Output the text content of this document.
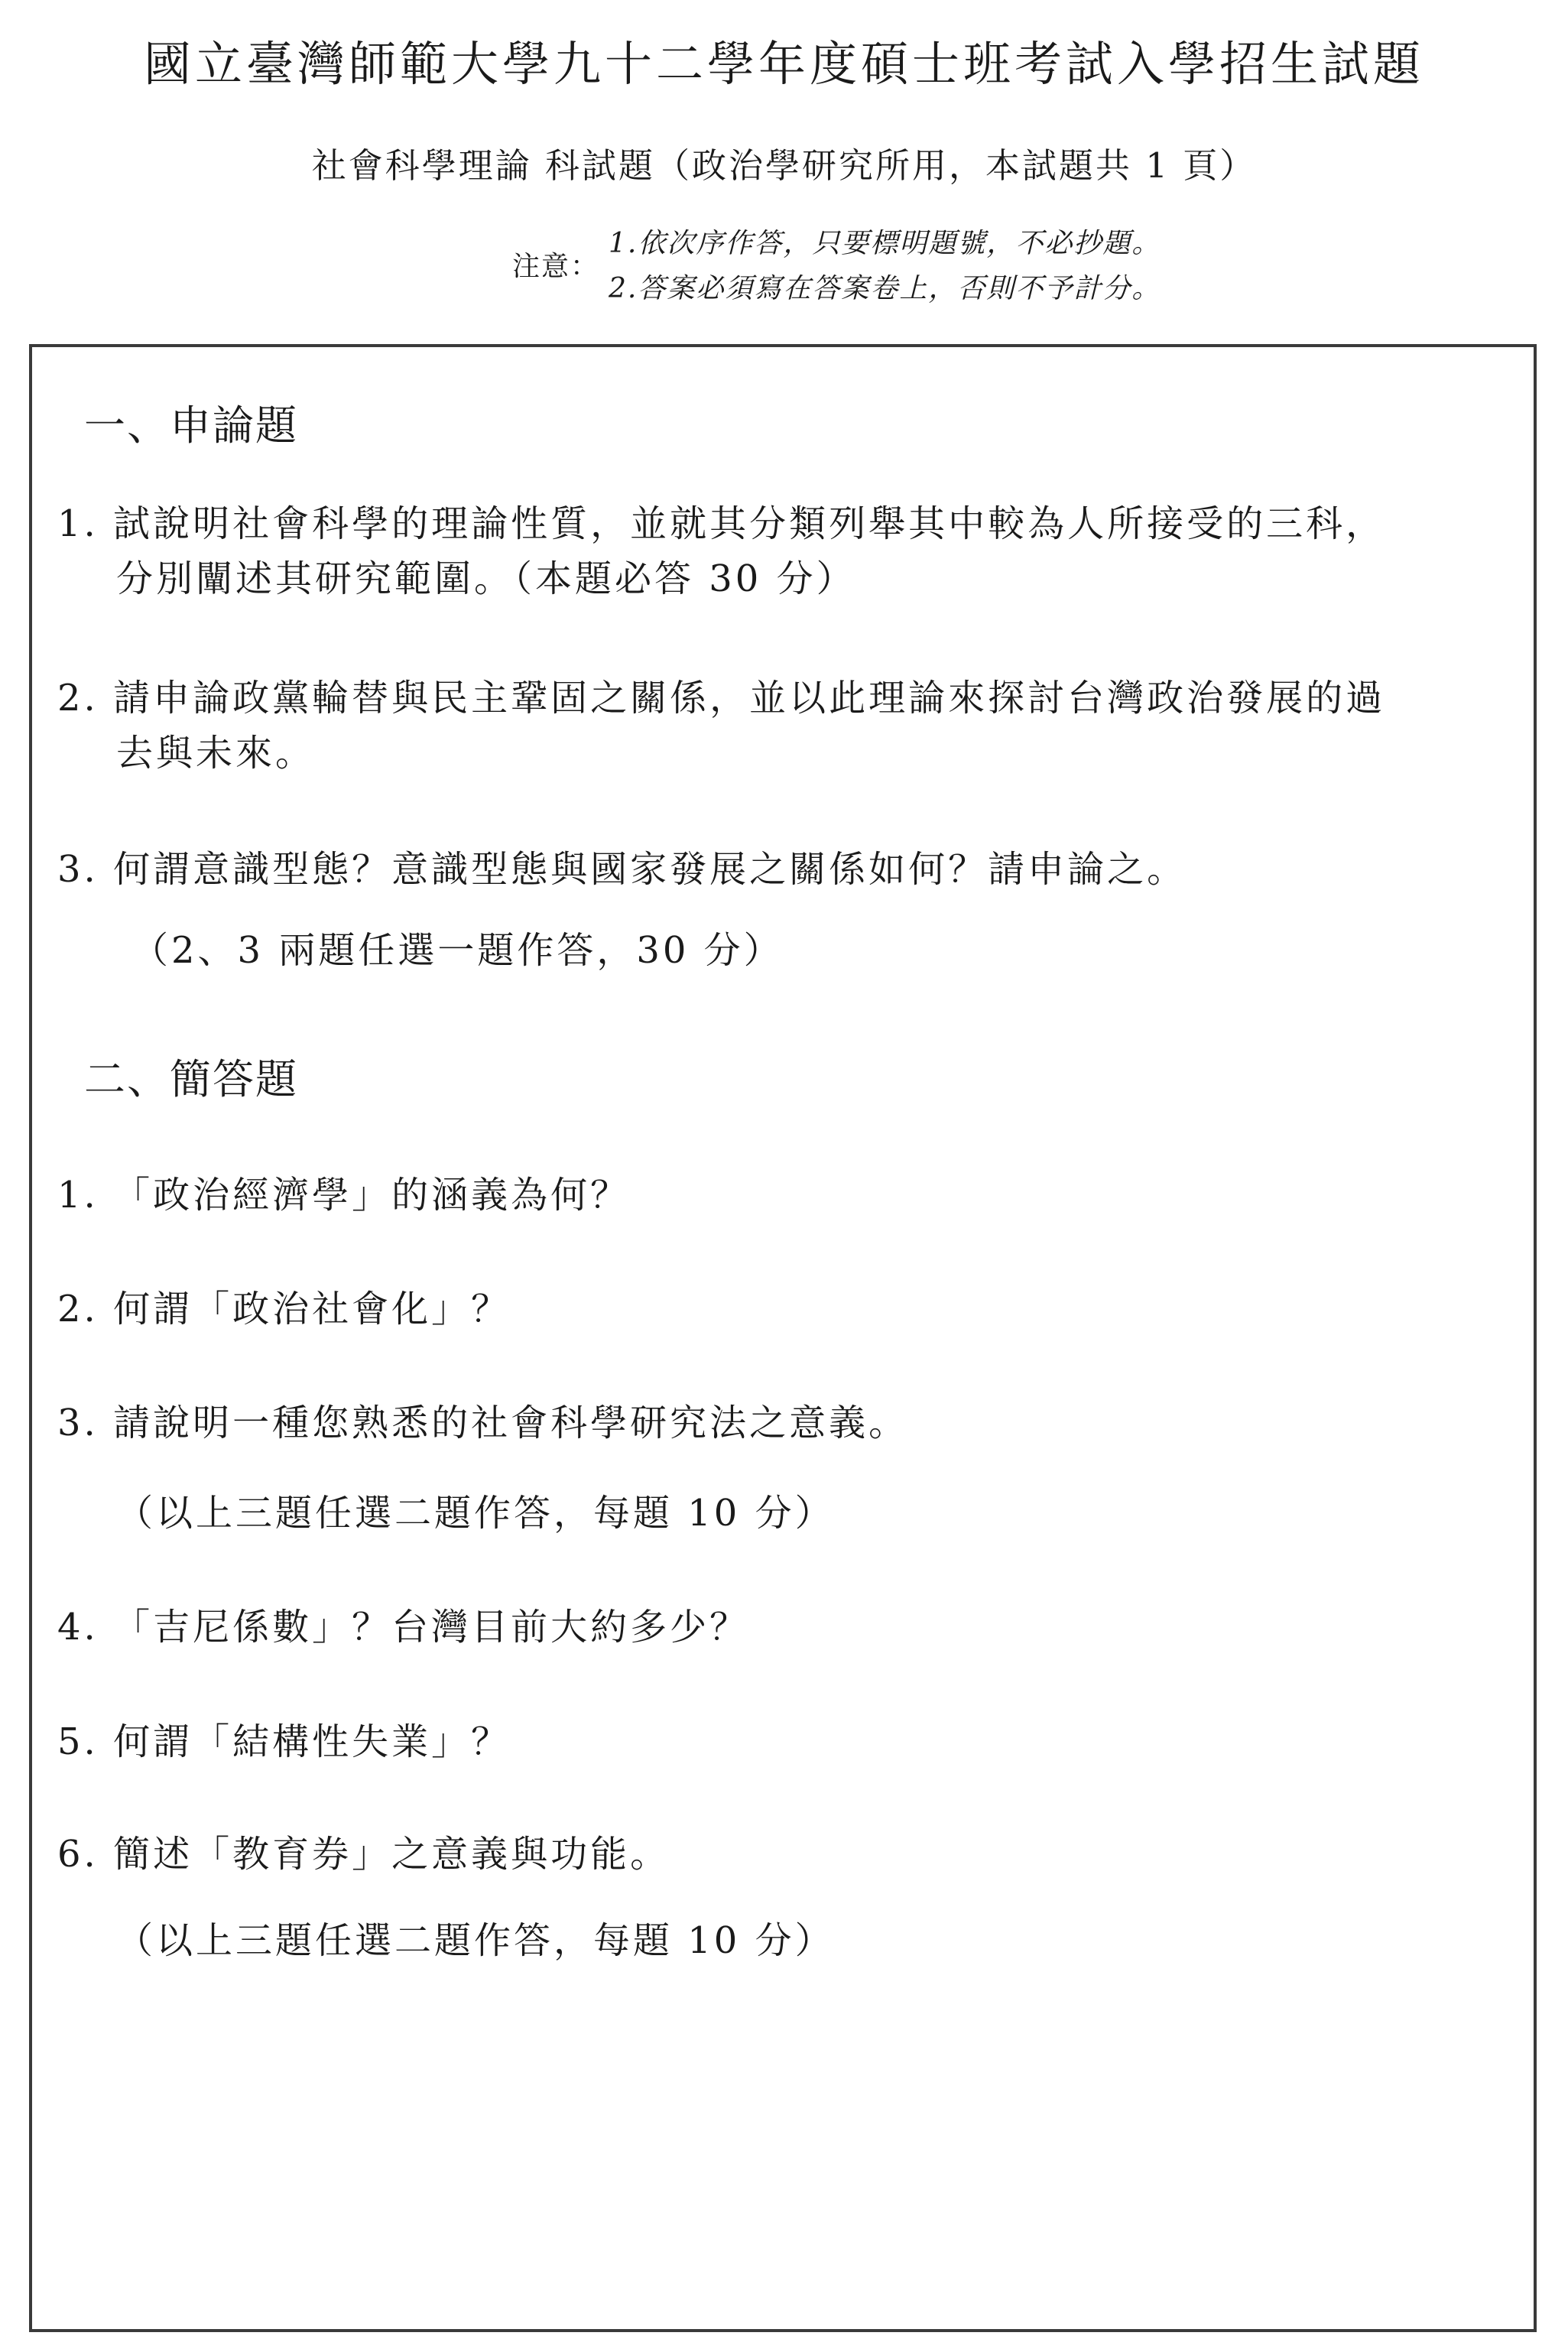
國立臺灣師範大學九十二學年度碩士班考試入學招生試題
社會科學理論 科試題（政治學研究所用，本試題共 1 頁）
注意：
1.依次序作答，只要標明題號，不必抄題。
2.答案必須寫在答案卷上，否則不予計分。
一、申論題
1. 試說明社會科學的理論性質，並就其分類列舉其中較為人所接受的三科，
分別闡述其研究範圍。（本題必答 30 分）
2. 請申論政黨輪替與民主鞏固之關係，並以此理論來探討台灣政治發展的過
去與未來。
3. 何謂意識型態？意識型態與國家發展之關係如何？請申論之。
（2、3 兩題任選一題作答，30 分）
二、簡答題
1. 「政治經濟學」的涵義為何？
2. 何謂「政治社會化」？
3. 請說明一種您熟悉的社會科學研究法之意義。
（以上三題任選二題作答，每題 10 分）
4. 「吉尼係數」？台灣目前大約多少？
5. 何謂「結構性失業」？
6. 簡述「教育券」之意義與功能。
（以上三題任選二題作答，每題 10 分）
